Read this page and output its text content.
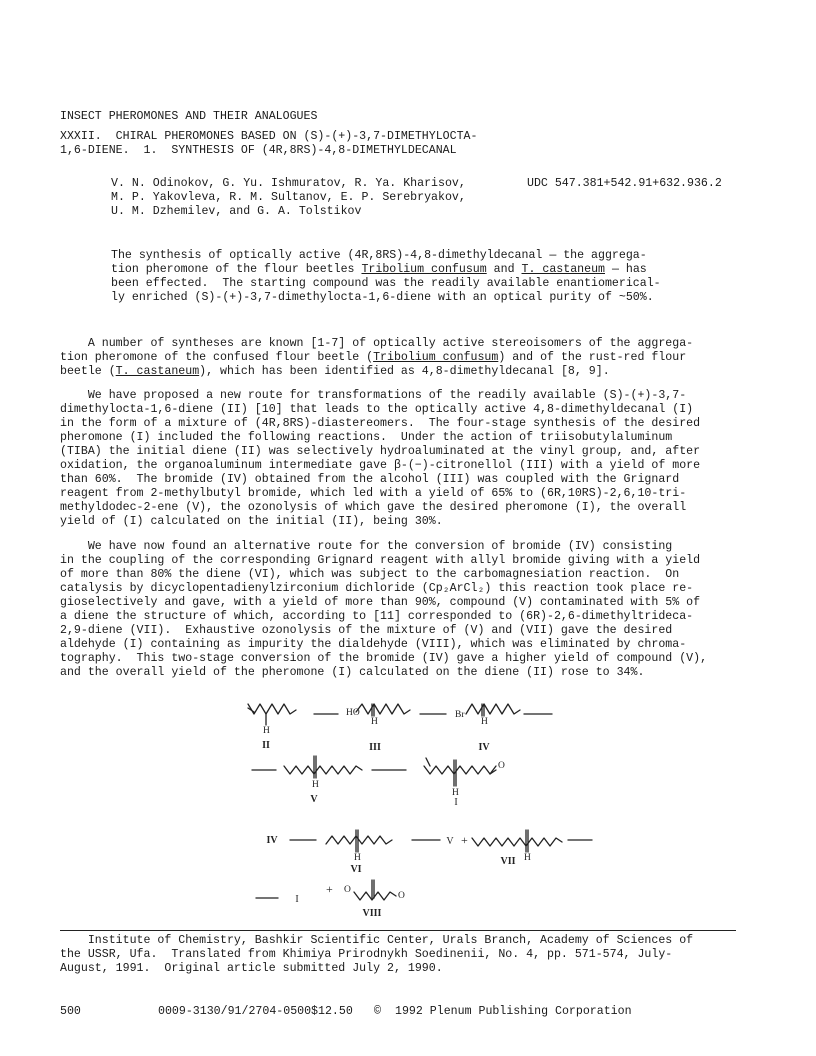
INSECT PHEROMONES AND THEIR ANALOGUES
XXXII.  CHIRAL PHEROMONES BASED ON (S)-(+)-3,7-DIMETHYLOCTA-
1,6-DIENE.  1.  SYNTHESIS OF (4R,8RS)-4,8-DIMETHYLDECANAL
V. N. Odinokov, G. Yu. Ishmuratov, R. Ya. Kharisov,
M. P. Yakovleva, R. M. Sultanov, E. P. Serebryakov,
U. M. Dzhemilev, and G. A. Tolstikov
UDC 547.381+542.91+632.936.2
The synthesis of optically active (4R,8RS)-4,8-dimethyldecanal — the aggrega-
tion pheromone of the flour beetles Tribolium confusum and T. castaneum — has
been effected.  The starting compound was the readily available enantiomerical-
ly enriched (S)-(+)-3,7-dimethylocta-1,6-diene with an optical purity of ~50%.
A number of syntheses are known [1-7] of optically active stereoisomers of the aggrega-
tion pheromone of the confused flour beetle (Tribolium confusum) and of the rust-red flour
beetle (T. castaneum), which has been identified as 4,8-dimethyldecanal [8, 9].
We have proposed a new route for transformations of the readily available (S)-(+)-3,7-
dimethylocta-1,6-diene (II) [10] that leads to the optically active 4,8-dimethyldecanal (I)
in the form of a mixture of (4R,8RS)-diastereomers.  The four-stage synthesis of the desired
pheromone (I) included the following reactions.  Under the action of triisobutylaluminum
(TIBA) the initial diene (II) was selectively hydroaluminated at the vinyl group, and, after
oxidation, the organoaluminum intermediate gave β-(−)-citronellol (III) with a yield of more
than 60%.  The bromide (IV) obtained from the alcohol (III) was coupled with the Grignard
reagent from 2-methylbutyl bromide, which led with a yield of 65% to (6R,10RS)-2,6,10-tri-
methyldodec-2-ene (V), the ozonolysis of which gave the desired pheromone (I), the overall
yield of (I) calculated on the initial (II), being 30%.
We have now found an alternative route for the conversion of bromide (IV) consisting
in the coupling of the corresponding Grignard reagent with allyl bromide giving with a yield
of more than 80% the diene (VI), which was subject to the carbomagnesiation reaction.  On
catalysis by dicyclopentadienylzirconium dichloride (Cp₂ArCl₂) this reaction took place re-
gioselectively and gave, with a yield of more than 90%, compound (V) contaminated with 5% of
a diene the structure of which, according to [11] corresponded to (6R)-2,6-dimethyltrideca-
2,9-diene (VII).  Exhaustive ozonolysis of the mixture of (V) and (VII) gave the desired
aldehyde (I) containing as impurity the dialdehyde (VIII), which was eliminated by chroma-
tography.  This two-stage conversion of the bromide (IV) gave a higher yield of compound (V),
and the overall yield of the pheromone (I) calculated on the diene (II) rose to 34%.
H
HO
H
Br
H
H
H
O
H	H
O
O
+
+
II	III	IV
V	I
IV
VI
V
VII
I
VIII
Institute of Chemistry, Bashkir Scientific Center, Urals Branch, Academy of Sciences of
the USSR, Ufa.  Translated from Khimiya Prirodnykh Soedinenii, No. 4, pp. 571-574, July-
August, 1991.  Original article submitted July 2, 1990.
500	0009-3130/91/2704-0500$12.50 © 1992 Plenum Publishing Corporation
